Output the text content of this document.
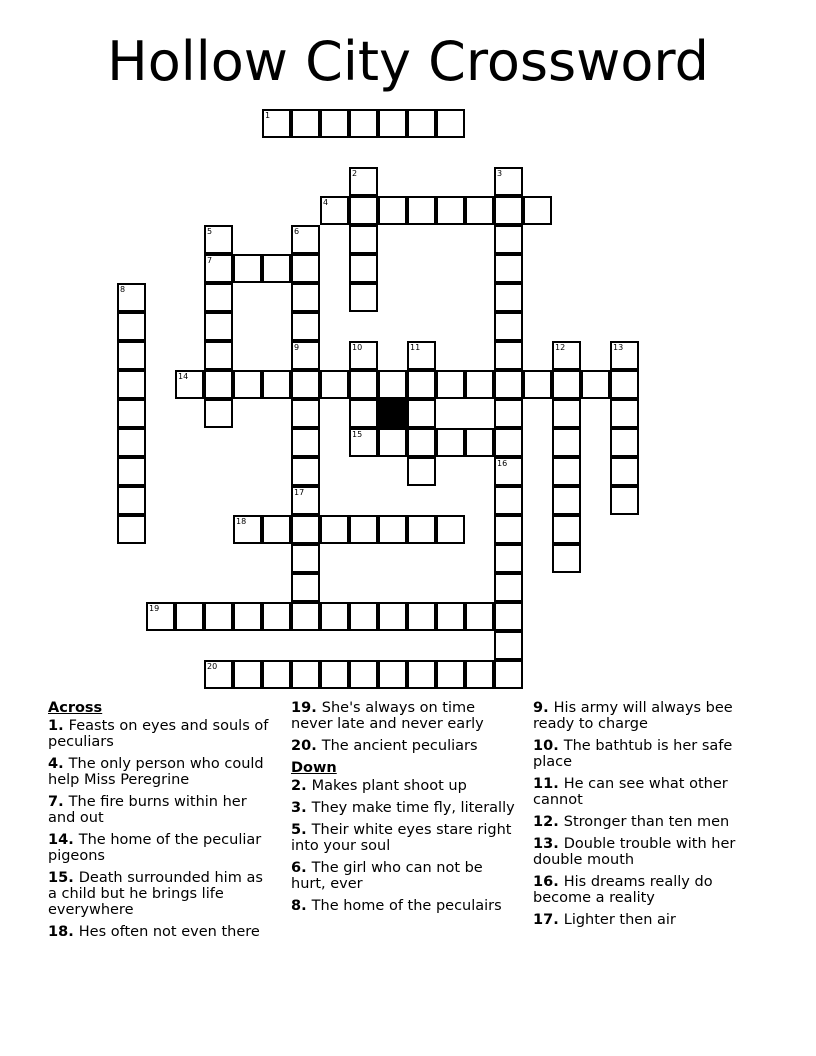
Hollow City Crossword
1
2	3
4
5
7
6
8
9	10
15
11	12	13
14
16
17
18
19
20
Across
1. Feasts on eyes and souls of peculiars
4. The only person who could help Miss Peregrine
7. The fire burns within her and out
14. The home of the peculiar pigeons
15. Death surrounded him as a child but he brings life everywhere
18. Hes often not even there
19. She's always on time never late and never early
20. The ancient peculiars
Down
2. Makes plant shoot up
3. They make time fly, literally
5. Their white eyes stare right into your soul
6. The girl who can not be hurt, ever
8. The home of the peculairs
9. His army will always bee ready to charge
10. The bathtub is her safe place
11. He can see what other cannot
12. Stronger than ten men
13. Double trouble with her double mouth
16. His dreams really do become a reality
17. Lighter then air
